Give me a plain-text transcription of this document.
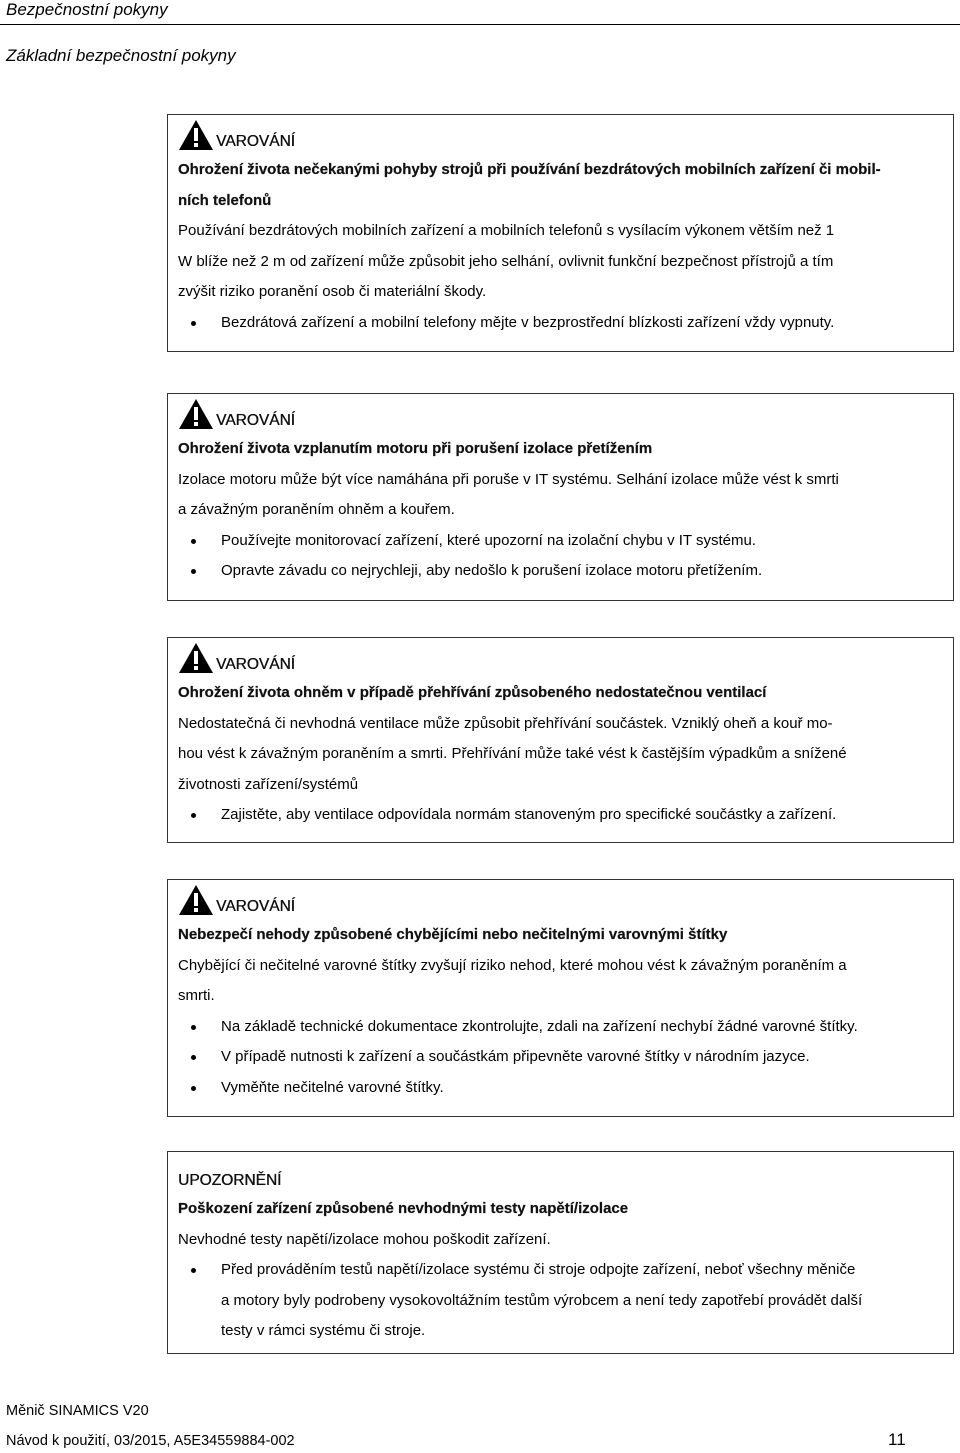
Bezpečnostní pokyny
Základní bezpečnostní pokyny
VAROVÁNÍ
Ohrožení života nečekanými pohyby strojů při používání bezdrátových mobilních zařízení či mobil-
ních telefonů
Používání bezdrátových mobilních zařízení a mobilních telefonů s vysílacím výkonem větším než 1
W blíže než 2 m od zařízení může způsobit jeho selhání, ovlivnit funkční bezpečnost přístrojů a tím
zvýšit riziko poranění osob či materiální škody.
Bezdrátová zařízení a mobilní telefony mějte v bezprostřední blízkosti zařízení vždy vypnuty.
VAROVÁNÍ
Ohrožení života vzplanutím motoru při porušení izolace přetížením
Izolace motoru může být více namáhána při poruše v IT systému. Selhání izolace může vést k smrti
a závažným poraněním ohněm a kouřem.
Používejte monitorovací zařízení, které upozorní na izolační chybu v IT systému.
Opravte závadu co nejrychleji, aby nedošlo k porušení izolace motoru přetížením.
VAROVÁNÍ
Ohrožení života ohněm v případě přehřívání způsobeného nedostatečnou ventilací
Nedostatečná či nevhodná ventilace může způsobit přehřívání součástek. Vzniklý oheň a kouř mo-
hou vést k závažným poraněním a smrti. Přehřívání může také vést k častějším výpadkům a snížené
životnosti zařízení/systémů
Zajistěte, aby ventilace odpovídala normám stanoveným pro specifické součástky a zařízení.
VAROVÁNÍ
Nebezpečí nehody způsobené chybějícími nebo nečitelnými varovnými štítky
Chybějící či nečitelné varovné štítky zvyšují riziko nehod, které mohou vést k závažným poraněním a
smrti.
Na základě technické dokumentace zkontrolujte, zdali na zařízení nechybí žádné varovné štítky.
V případě nutnosti k zařízení a součástkám připevněte varovné štítky v národním jazyce.
Vyměňte nečitelné varovné štítky.
UPOZORNĚNÍ
Poškození zařízení způsobené nevhodnými testy napětí/izolace
Nevhodné testy napětí/izolace mohou poškodit zařízení.
Před prováděním testů napětí/izolace systému či stroje odpojte zařízení, neboť všechny měniče
a motory byly podrobeny vysokovoltážním testům výrobcem a není tedy zapotřebí provádět další
testy v rámci systému či stroje.
Měnič SINAMICS V20
Návod k použití, 03/2015, A5E34559884-002	11
